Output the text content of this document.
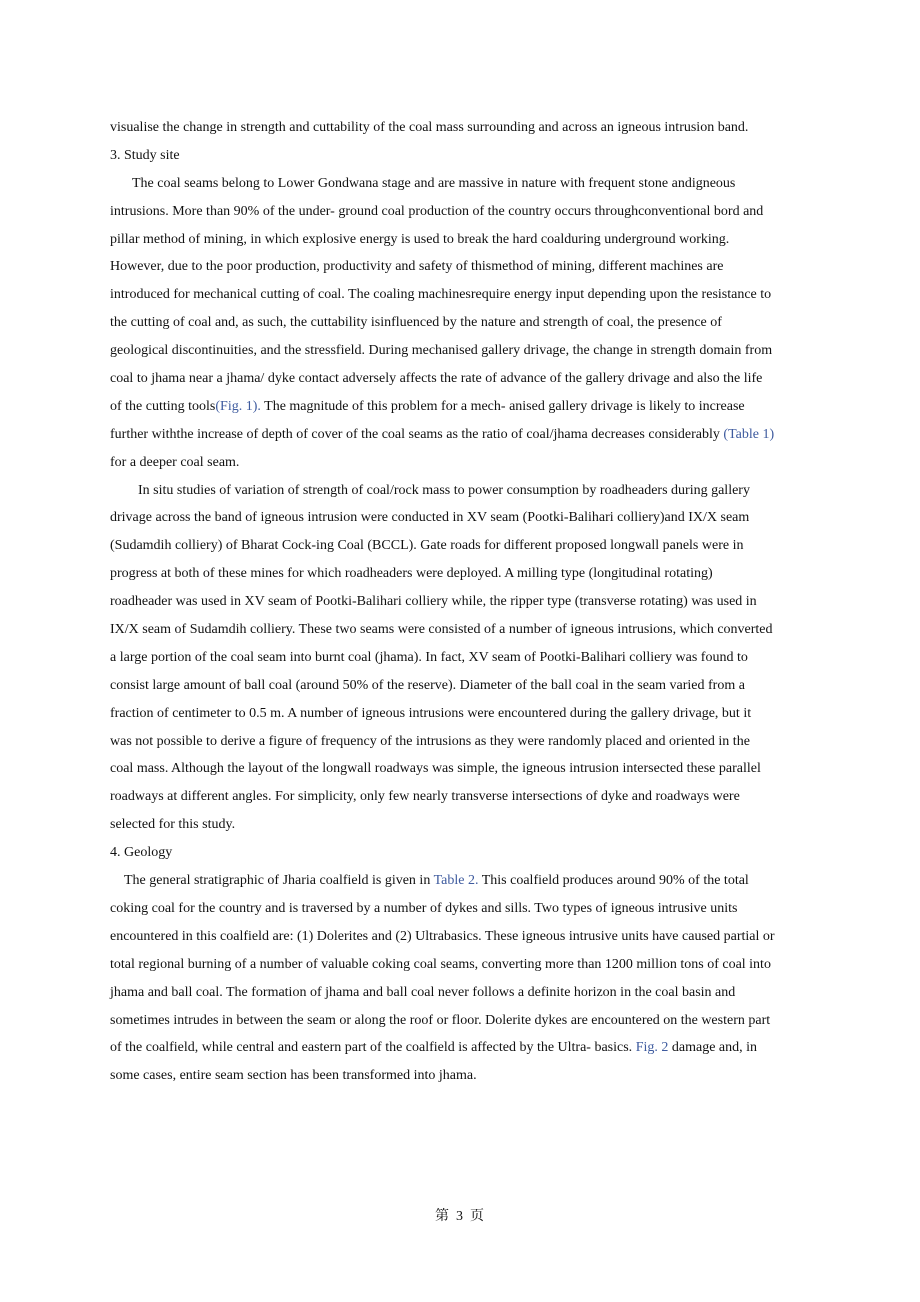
visualise the change in strength and cuttability of the coal mass surrounding and across an igneous intrusion band.
3. Study site
The coal seams belong to Lower Gondwana stage and are massive in nature with frequent stone andigneous
intrusions. More than 90% of the under- ground coal production of the country occurs throughconventional bord and
pillar method of mining, in which explosive energy is used to break the hard coalduring underground working.
However, due to the poor production, productivity and safety of thismethod of mining, different machines are
introduced for mechanical cutting of coal. The coaling machinesrequire energy input depending upon the resistance to
the cutting of coal and, as such, the cuttability isinfluenced by the nature and strength of coal, the presence of
geological discontinuities, and the stressfield. During mechanised gallery drivage, the change in strength domain from
coal to jhama near a jhama/ dyke contact adversely affects the rate of advance of the gallery drivage and also the life
of the cutting tools(Fig. 1). The magnitude of this problem for a mech- anised gallery drivage is likely to increase
further withthe increase of depth of cover of the coal seams as the ratio of coal/jhama decreases considerably (Table 1)
for a deeper coal seam.
In situ studies of variation of strength of coal/rock mass to power consumption by roadheaders during gallery
drivage across the band of igneous intrusion were conducted in XV seam (Pootki-Balihari colliery)and IX/X seam
(Sudamdih colliery) of Bharat Cock-ing Coal (BCCL). Gate roads for different proposed longwall panels were in
progress at both of these mines for which roadheaders were deployed. A milling type (longitudinal rotating)
roadheader was used in XV seam of Pootki-Balihari colliery while, the ripper type (transverse rotating) was used in
IX/X seam of Sudamdih colliery. These two seams were consisted of a number of igneous intrusions, which converted
a large portion of the coal seam into burnt coal (jhama). In fact, XV seam of Pootki-Balihari colliery was found to
consist large amount of ball coal (around 50% of the reserve). Diameter of the ball coal in the seam varied from a
fraction of centimeter to 0.5 m. A number of igneous intrusions were encountered during the gallery drivage, but it
was not possible to derive a figure of frequency of the intrusions as they were randomly placed and oriented in the
coal mass. Although the layout of the longwall roadways was simple, the igneous intrusion intersected these parallel
roadways at different angles. For simplicity, only few nearly transverse intersections of dyke and roadways were
selected for this study.
4. Geology
The general stratigraphic of Jharia coalfield is given in Table 2. This coalfield produces around 90% of the total
coking coal for the country and is traversed by a number of dykes and sills. Two types of igneous intrusive units
encountered in this coalfield are: (1) Dolerites and (2) Ultrabasics. These igneous intrusive units have caused partial or
total regional burning of a number of valuable coking coal seams, converting more than 1200 million tons of coal into
jhama and ball coal. The formation of jhama and ball coal never follows a definite horizon in the coal basin and
sometimes intrudes in between the seam or along the roof or floor. Dolerite dykes are encountered on the western part
of the coalfield, while central and eastern part of the coalfield is affected by the Ultra- basics. Fig. 2 damage and, in
some cases, entire seam section has been transformed into jhama.
第 3 页
